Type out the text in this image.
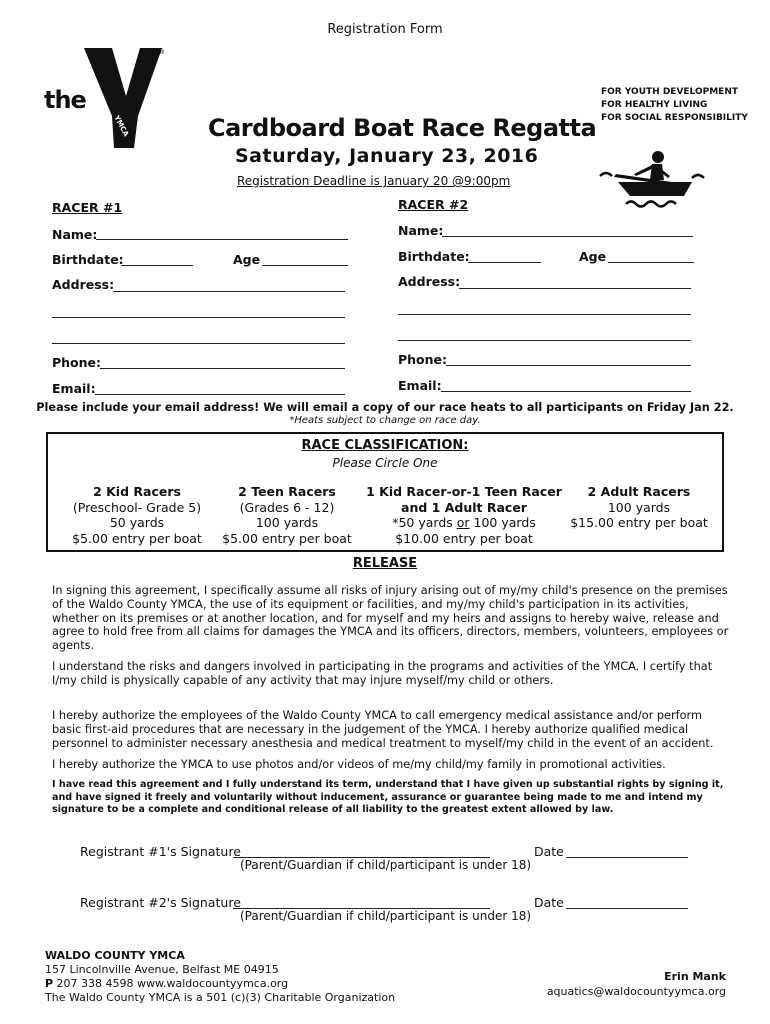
Registration Form
®
the
YMCA
FOR YOUTH DEVELOPMENT
FOR HEALTHY LIVING
FOR SOCIAL RESPONSIBILITY
Cardboard Boat Race Regatta
Saturday, January 23, 2016
Registration Deadline is January 20 @9:00pm
RACER #1
Name:
Birthdate:	Age
Address:
Phone:
Email:
RACER #2
Name:
Birthdate:	Age
Address:
Phone:
Email:
Please include your email address! We will email a copy of our race heats to all participants on Friday Jan 22.
*Heats subject to change on race day.
RACE CLASSIFICATION:
Please Circle One
2 Kid Racers
(Preschool- Grade 5)
50 yards
$5.00 entry per boat
2 Teen Racers
(Grades 6 - 12)
100 yards
$5.00 entry per boat
1 Kid Racer-or-1 Teen Racer
and 1 Adult Racer
*50 yards or 100 yards
$10.00 entry per boat
2 Adult Racers
100 yards
$15.00 entry per boat
RELEASE
In signing this agreement, I specifically assume all risks of injury arising out of my/my child's presence on the premises of the Waldo County YMCA, the use of its equipment or facilities, and my/my child's participation in its activities, whether on its premises or at another location, and for myself and my heirs and assigns to hereby waive, release and agree to hold free from all claims for damages the YMCA and its officers, directors, members, volunteers, employees or agents.
I understand the risks and dangers involved in participating in the programs and activities of the YMCA. I certify that I/my child is physically capable of any activity that may injure myself/my child or others.
I hereby authorize the employees of the Waldo County YMCA to call emergency medical assistance and/or perform basic first-aid procedures that are necessary in the judgement of the YMCA. I hereby authorize qualified medical personnel to administer necessary anesthesia and medical treatment to myself/my child in the event of an accident.
I hereby authorize the YMCA to use photos and/or videos of me/my child/my family in promotional activities.
I have read this agreement and I fully understand its term, understand that I have given up substantial rights by signing it, and have signed it freely and voluntarily without inducement, assurance or guarantee being made to me and intend my signature to be a complete and conditional release of all liability to the greatest extent allowed by law.
Registrant #1's Signature	Date
(Parent/Guardian if child/participant is under 18)
Registrant #2's Signature	Date
(Parent/Guardian if child/participant is under 18)
WALDO COUNTY YMCA
157 Lincolnville Avenue, Belfast ME 04915
P 207 338 4598 www.waldocountyymca.org
The Waldo County YMCA is a 501 (c)(3) Charitable Organization
Erin Mank
aquatics@waldocountyymca.org
